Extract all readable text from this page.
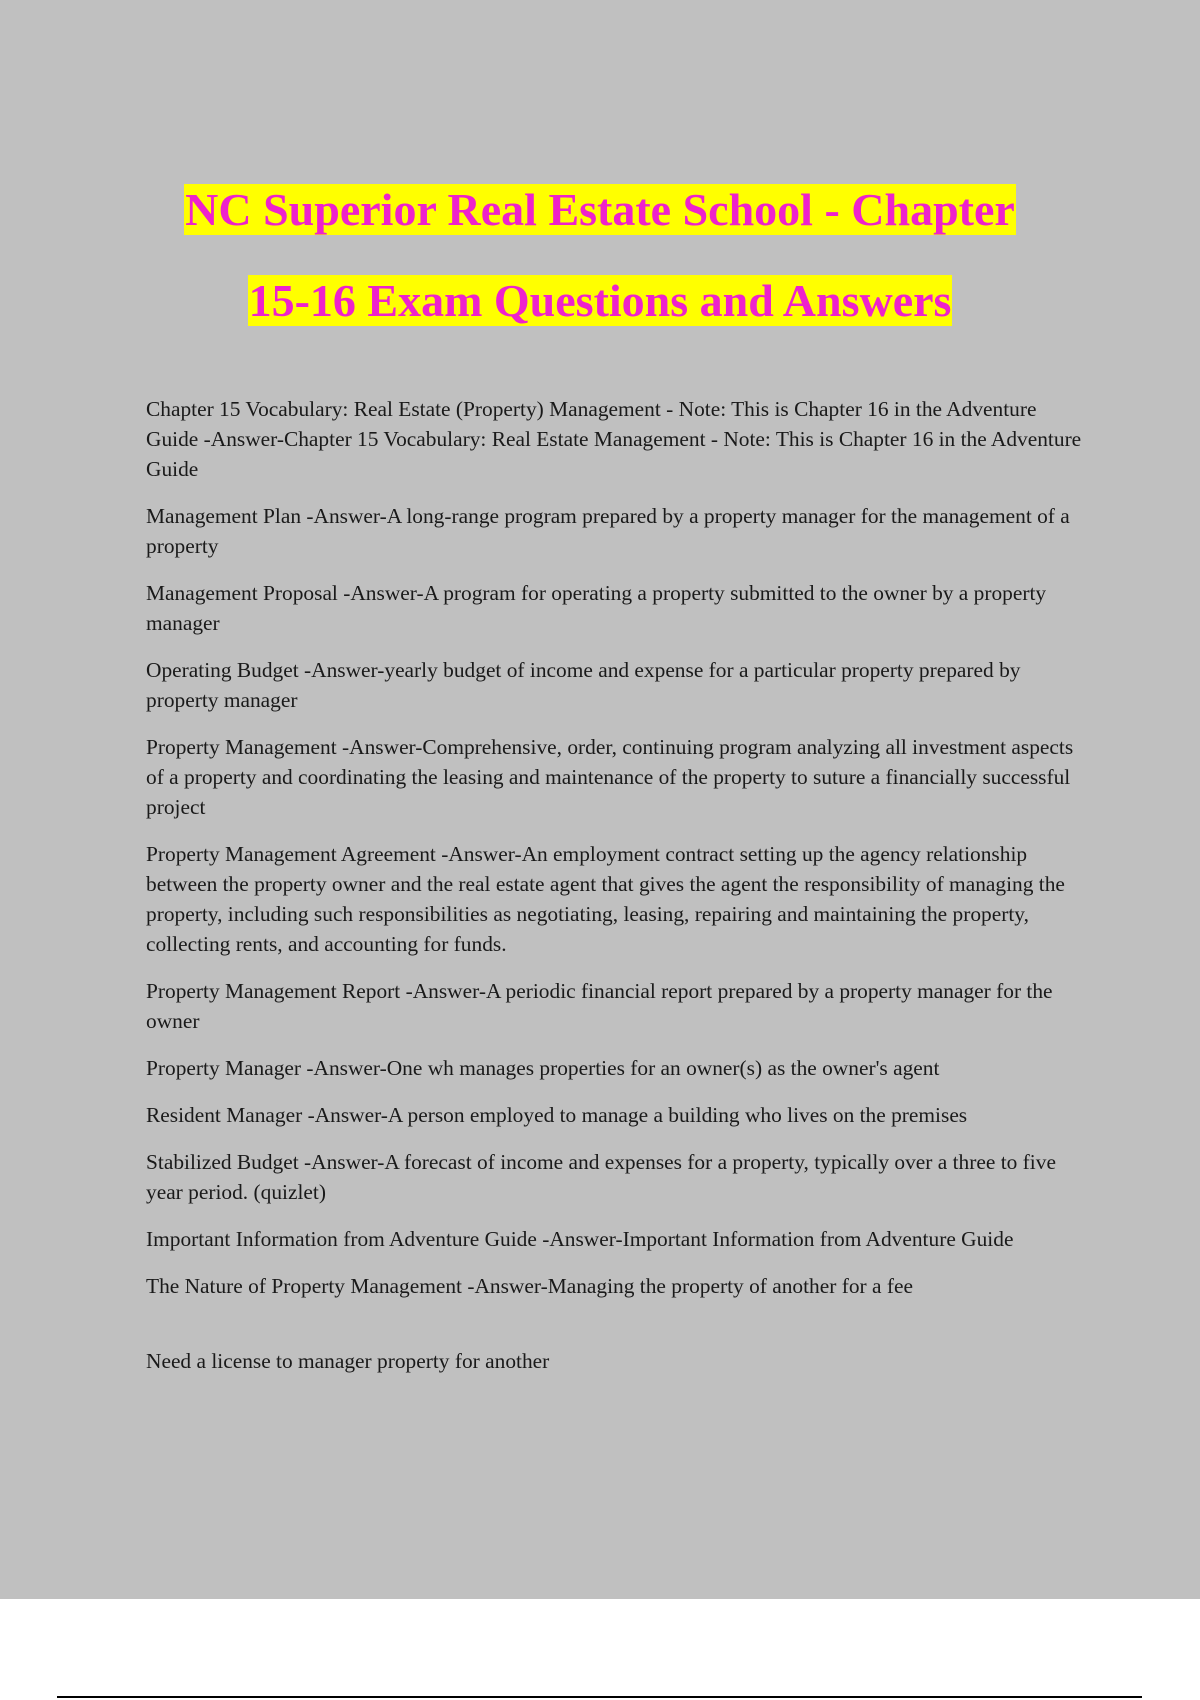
NC Superior Real Estate School - Chapter
15-16 Exam Questions and Answers

Chapter 15 Vocabulary: Real Estate (Property) Management - Note: This is Chapter 16 in the Adventure Guide -Answer-Chapter 15 Vocabulary: Real Estate Management - Note: This is Chapter 16 in the Adventure Guide

Management Plan -Answer-A long-range program prepared by a property manager for the management of a property

Management Proposal -Answer-A program for operating a property submitted to the owner by a property manager

Operating Budget -Answer-yearly budget of income and expense for a particular property prepared by property manager

Property Management -Answer-Comprehensive, order, continuing program analyzing all investment aspects of a property and coordinating the leasing and maintenance of the property to suture a financially successful project

Property Management Agreement -Answer-An employment contract setting up the agency relationship between the property owner and the real estate agent that gives the agent the responsibility of managing the property, including such responsibilities as negotiating, leasing, repairing and maintaining the property, collecting rents, and accounting for funds.

Property Management Report -Answer-A periodic financial report prepared by a property manager for the owner

Property Manager -Answer-One wh manages properties for an owner(s) as the owner's agent

Resident Manager -Answer-A person employed to manage a building who lives on the premises

Stabilized Budget -Answer-A forecast of income and expenses for a property, typically over a three to five year period. (quizlet)

Important Information from Adventure Guide -Answer-Important Information from Adventure Guide

The Nature of Property Management -Answer-Managing the property of another for a fee

Need a license to manager property for another
